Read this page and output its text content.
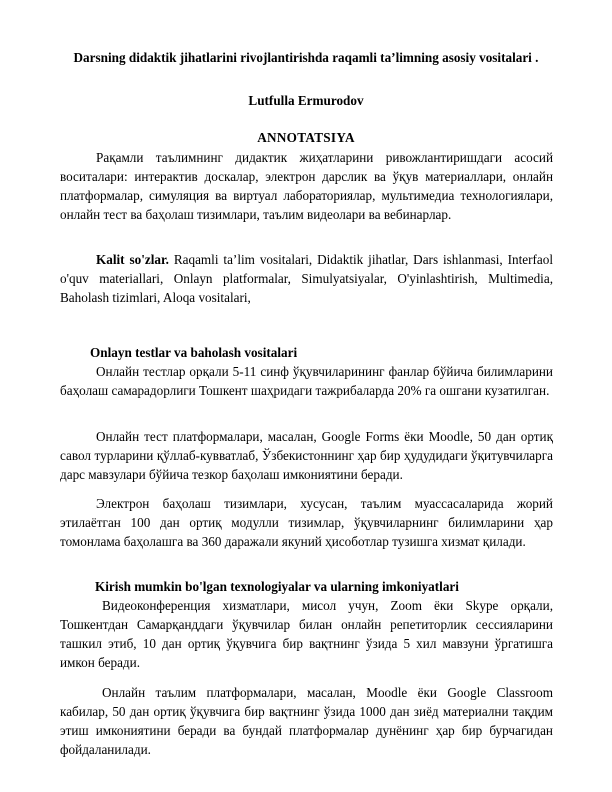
Darsning didaktik jihatlarini rivojlantirishda raqamli ta’limning asosiy vositalari .
Lutfulla Ermurodov
ANNOTATSIYA

Рақамли таълимнинг дидактик жиҳатларини ривожлантиришдаги асосий воситалари: интерактив доскалар, электрон дарслик ва ўқув материаллари, онлайн платформалар, симуляция ва виртуал лабораториялар, мультимедиа технологиялари, онлайн тест ва баҳолаш тизимлари, таълим видеолари ва вебинарлар.

Kalit so'zlar. Raqamli ta’lim vositalari, Didaktik jihatlar, Dars ishlanmasi, Interfaol o'quv materiallari, Onlayn platformalar, Simulyatsiyalar, O'yinlashtirish, Multimedia, Baholash tizimlari, Aloqa vositalari,

Onlayn testlar va baholash vositalari

Онлайн тестлар орқали 5-11 синф ўқувчиларининг фанлар бўйича билимларини баҳолаш самарадорлиги Тошкент шаҳридаги тажрибаларда 20% га ошгани кузатилган.

Онлайн тест платформалари, масалан, Google Forms ёки Moodle, 50 дан ортиқ савол турларини қўллаб-кувватлаб, Ўзбекистоннинг ҳар бир ҳудудидаги ўқитувчиларга дарс мавзулари бўйича тезкор баҳолаш имкониятини беради.

Электрон баҳолаш тизимлари, хусусан, таълим муассасаларида жорий этилаётган 100 дан ортиқ модулли тизимлар, ўқувчиларнинг билимларини ҳар томонлама баҳолашга ва 360 даражали якуний ҳисоботлар тузишга хизмат қилади.

Kirish mumkin bo'lgan texnologiyalar va ularning imkoniyatlari

Видеоконференция хизматлари, мисол учун, Zoom ёки Skype орқали, Тошкентдан Самарқанддаги ўқувчилар билан онлайн репетиторлик сессияларини ташкил этиб, 10 дан ортиқ ўқувчига бир вақтнинг ўзида 5 хил мавзуни ўргатишга имкон беради.

Онлайн таълим платформалари, масалан, Moodle ёки Google Classroom кабилар, 50 дан ортиқ ўқувчига бир вақтнинг ўзида 1000 дан зиёд материални тақдим этиш имкониятини беради ва бундай платформалар дунёнинг ҳар бир бурчагидан фойдаланилади.
